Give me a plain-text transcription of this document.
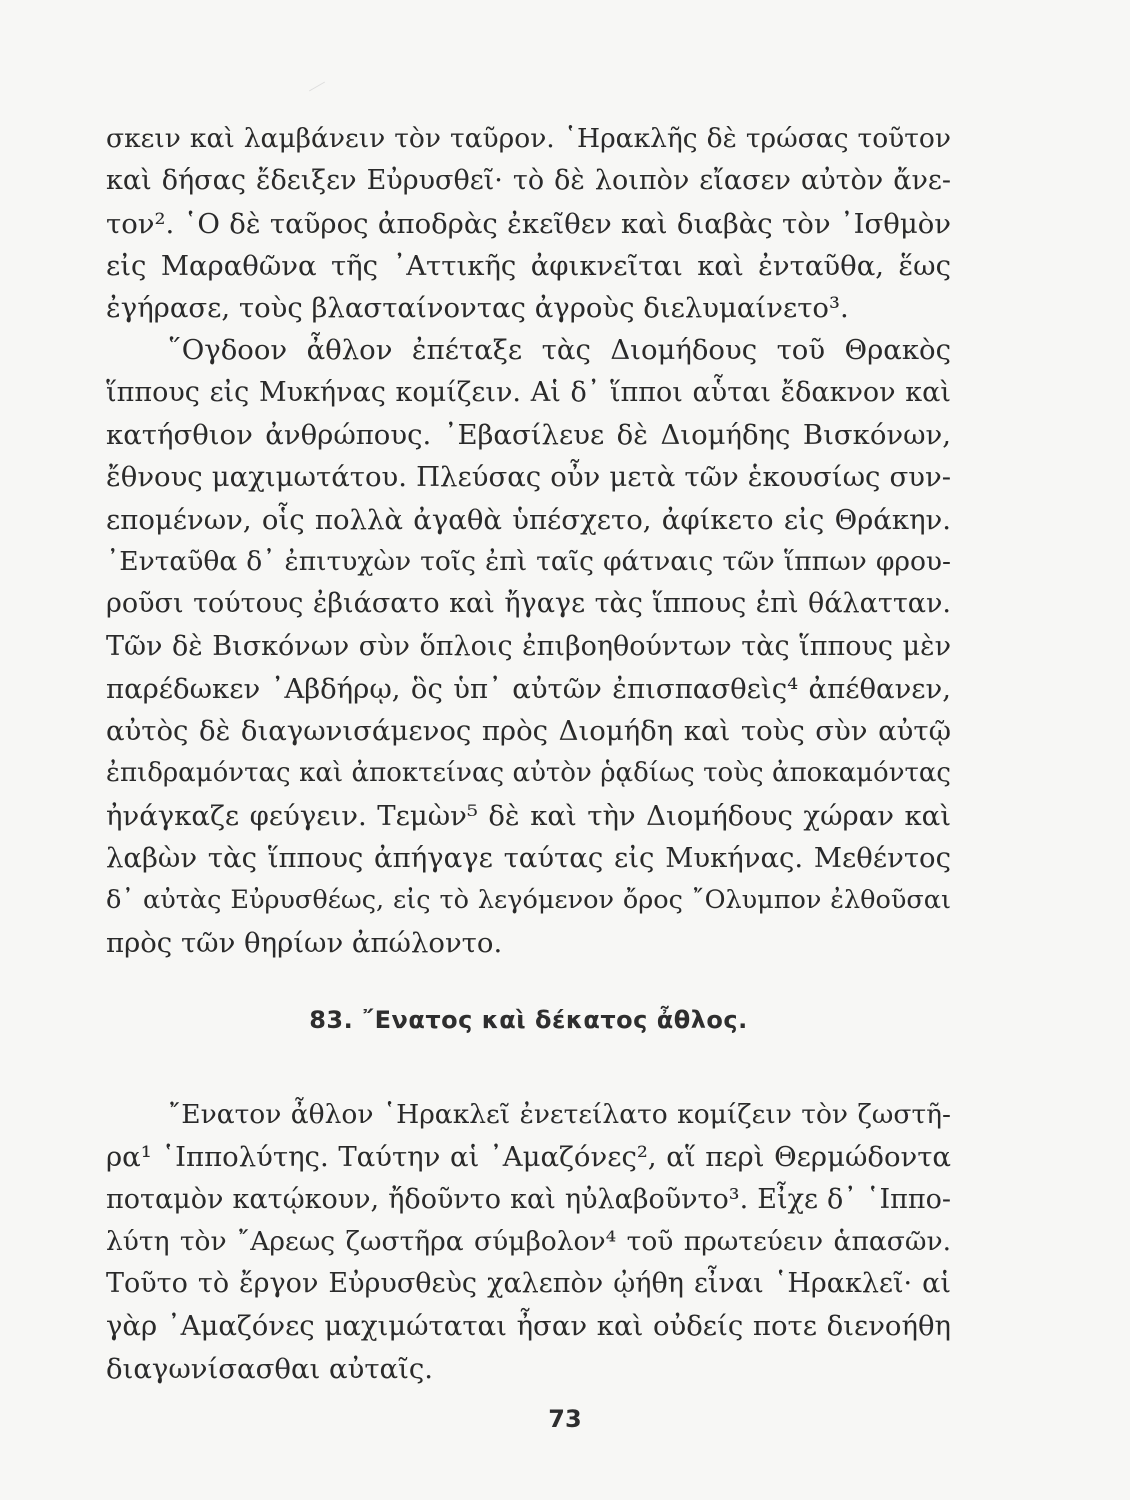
σκειν καὶ λαμβάνειν τὸν ταῦρον. ῾Ηρακλῆς δὲ τρώσας τοῦτον
καὶ δήσας ἔδειξεν Εὐρυσθεῖ· τὸ δὲ λοιπὸν εἴασεν αὐτὸν ἄνε-
τον². ῾Ο δὲ ταῦρος ἀποδρὰς ἐκεῖθεν καὶ διαβὰς τὸν ᾿Ισθμὸν
εἰς Μαραθῶνα τῆς ᾿Αττικῆς ἀφικνεῖται καὶ ἐνταῦθα, ἕως
ἐγήρασε, τοὺς βλασταίνοντας ἀγροὺς διελυμαίνετο³.
῞Ογδοον ἆθλον ἐπέταξε τὰς Διομήδους τοῦ Θρακὸς
ἵππους εἰς Μυκήνας κομίζειν. Αἱ δ᾿ ἵπποι αὗται ἔδακνον καὶ
κατήσθιον ἀνθρώπους. ᾿Εβασίλευε δὲ Διομήδης Βισκόνων,
ἔθνους μαχιμωτάτου. Πλεύσας οὖν μετὰ τῶν ἑκουσίως συν-
επομένων, οἷς πολλὰ ἀγαθὰ ὑπέσχετο, ἀφίκετο εἰς Θράκην.
᾿Ενταῦθα δ᾿ ἐπιτυχὼν τοῖς ἐπὶ ταῖς φάτναις τῶν ἵππων φρου-
ροῦσι τούτους ἐβιάσατο καὶ ἤγαγε τὰς ἵππους ἐπὶ θάλατταν.
Τῶν δὲ Βισκόνων σὺν ὅπλοις ἐπιβοηθούντων τὰς ἵππους μὲν
παρέδωκεν ᾿Αβδήρῳ, ὃς ὑπ᾿ αὐτῶν ἐπισπασθεὶς⁴ ἀπέθανεν,
αὐτὸς δὲ διαγωνισάμενος πρὸς Διομήδη καὶ τοὺς σὺν αὐτῷ
ἐπιδραμόντας καὶ ἀποκτείνας αὐτὸν ῥᾳδίως τοὺς ἀποκαμόντας
ἠνάγκαζε φεύγειν. Τεμὼν⁵ δὲ καὶ τὴν Διομήδους χώραν καὶ
λαβὼν τὰς ἵππους ἀπήγαγε ταύτας εἰς Μυκήνας. Μεθέντος
δ᾿ αὐτὰς Εὐρυσθέως, εἰς τὸ λεγόμενον ὄρος ῎Ολυμπον ἐλθοῦσαι
πρὸς τῶν θηρίων ἀπώλοντο.
83. ῎Ενατος καὶ δέκατος ἆθλος.
῎Ενατον ἆθλον ῾Ηρακλεῖ ἐνετείλατο κομίζειν τὸν ζωστῆ-
ρα¹ ῾Ιππολύτης. Ταύτην αἱ ᾿Αμαζόνες², αἵ περὶ Θερμώδοντα
ποταμὸν κατῴκουν, ἤδοῦντο καὶ ηὐλαβοῦντο³. Εἶχε δ᾿ ῾Ιππο-
λύτη τὸν ῎Αρεως ζωστῆρα σύμβολον⁴ τοῦ πρωτεύειν ἁπασῶν.
Τοῦτο τὸ ἔργον Εὐρυσθεὺς χαλεπὸν ᾠήθη εἶναι ῾Ηρακλεῖ· αἱ
γὰρ ᾿Αμαζόνες μαχιμώταται ἦσαν καὶ οὐδείς ποτε διενοήθη
διαγωνίσασθαι αὐταῖς.
73
